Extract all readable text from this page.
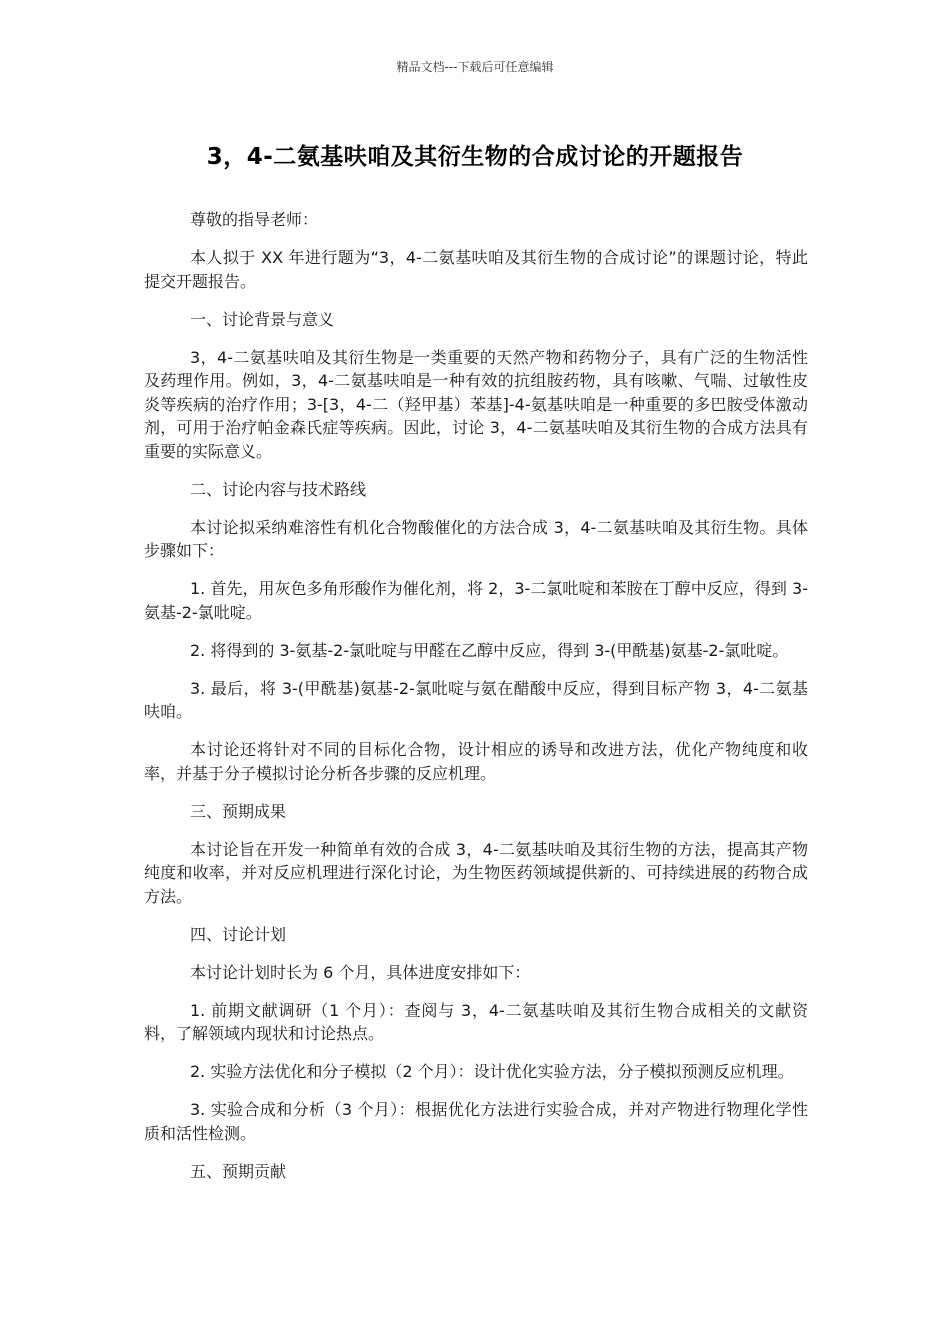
精品文档---下载后可任意编辑
3，4-二氨基呋咱及其衍生物的合成讨论的开题报告

尊敬的指导老师：

本人拟于 XX 年进行题为“3，4-二氨基呋咱及其衍生物的合成讨论”的课题讨论，特此提交开题报告。

一、讨论背景与意义

3，4-二氨基呋咱及其衍生物是一类重要的天然产物和药物分子，具有广泛的生物活性及药理作用。例如，3，4-二氨基呋咱是一种有效的抗组胺药物，具有咳嗽、气喘、过敏性皮炎等疾病的治疗作用；3-[3，4-二（羟甲基）苯基]-4-氨基呋咱是一种重要的多巴胺受体激动剂，可用于治疗帕金森氏症等疾病。因此，讨论 3，4-二氨基呋咱及其衍生物的合成方法具有重要的实际意义。

二、讨论内容与技术路线

本讨论拟采纳难溶性有机化合物酸催化的方法合成 3，4-二氨基呋咱及其衍生物。具体步骤如下：

1. 首先，用灰色多角形酸作为催化剂，将 2，3-二氯吡啶和苯胺在丁醇中反应，得到 3-氨基-2-氯吡啶。

2. 将得到的 3-氨基-2-氯吡啶与甲醛在乙醇中反应，得到 3-(甲酰基)氨基-2-氯吡啶。

3. 最后，将 3-(甲酰基)氨基-2-氯吡啶与氨在醋酸中反应，得到目标产物 3，4-二氨基呋咱。

本讨论还将针对不同的目标化合物，设计相应的诱导和改进方法，优化产物纯度和收率，并基于分子模拟讨论分析各步骤的反应机理。

三、预期成果

本讨论旨在开发一种简单有效的合成 3，4-二氨基呋咱及其衍生物的方法，提高其产物纯度和收率，并对反应机理进行深化讨论，为生物医药领域提供新的、可持续进展的药物合成方法。

四、讨论计划

本讨论计划时长为 6 个月，具体进度安排如下：

1. 前期文献调研（1 个月）：查阅与 3，4-二氨基呋咱及其衍生物合成相关的文献资料，了解领域内现状和讨论热点。

2. 实验方法优化和分子模拟（2 个月）：设计优化实验方法，分子模拟预测反应机理。

3. 实验合成和分析（3 个月）：根据优化方法进行实验合成，并对产物进行物理化学性质和活性检测。

五、预期贡献
